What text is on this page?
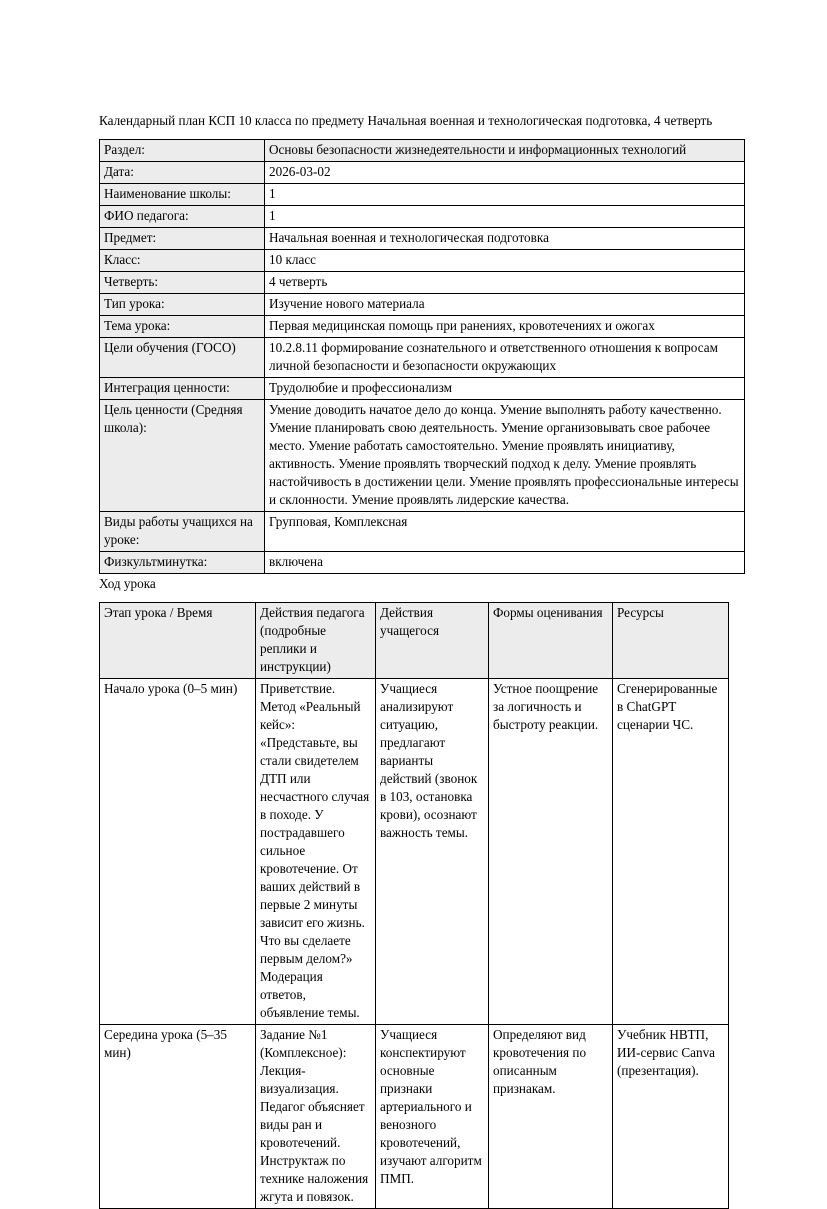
Календарный план КСП 10 класса по предмету Начальная военная и технологическая подготовка, 4 четверть

Раздел:	Основы безопасности жизнедеятельности и информационных технологий
Дата:	2026-03-02
Наименование школы:	1
ФИО педагога:	1
Предмет:	Начальная военная и технологическая подготовка
Класс:	10 класс
Четверть:	4 четверть
Тип урока:	Изучение нового материала
Тема урока:	Первая медицинская помощь при ранениях, кровотечениях и ожогах
Цели обучения (ГОСО)	10.2.8.11 формирование сознательного и ответственного отношения к вопросам личной безопасности и безопасности окружающих
Интеграция ценности:	Трудолюбие и профессионализм
Цель ценности (Средняя школа):	Умение доводить начатое дело до конца. Умение выполнять работу качественно. Умение планировать свою деятельность. Умение организовывать свое рабочее место. Умение работать самостоятельно. Умение проявлять инициативу, активность. Умение проявлять творческий подход к делу. Умение проявлять настойчивость в достижении цели. Умение проявлять профессиональные интересы и склонности. Умение проявлять лидерские качества.
Виды работы учащихся на уроке:	Групповая, Комплексная
Физкультминутка:	включена

Ход урока

Этап урока / Время	Действия педагога (подробные реплики и инструкции)	Действия учащегося	Формы оценивания	Ресурсы
Начало урока (0–5 мин)	Приветствие. Метод «Реальный кейс»: «Представьте, вы стали свидетелем ДТП или несчастного случая в походе. У пострадавшего сильное кровотечение. От ваших действий в первые 2 минуты зависит его жизнь. Что вы сделаете первым делом?» Модерация ответов, объявление темы.	Учащиеся анализируют ситуацию, предлагают варианты действий (звонок в 103, остановка крови), осознают важность темы.	Устное поощрение за логичность и быстроту реакции.	Сгенерированные в ChatGPT сценарии ЧС.
Середина урока (5–35 мин)	Задание №1 (Комплексное): Лекция-визуализация. Педагог объясняет виды ран и кровотечений. Инструктаж по технике наложения жгута и повязок.	Учащиеся конспектируют основные признаки артериального и венозного кровотечений, изучают алгоритм ПМП.	Определяют вид кровотечения по описанным признакам.	Учебник НВТП, ИИ-сервис Canva (презентация).
